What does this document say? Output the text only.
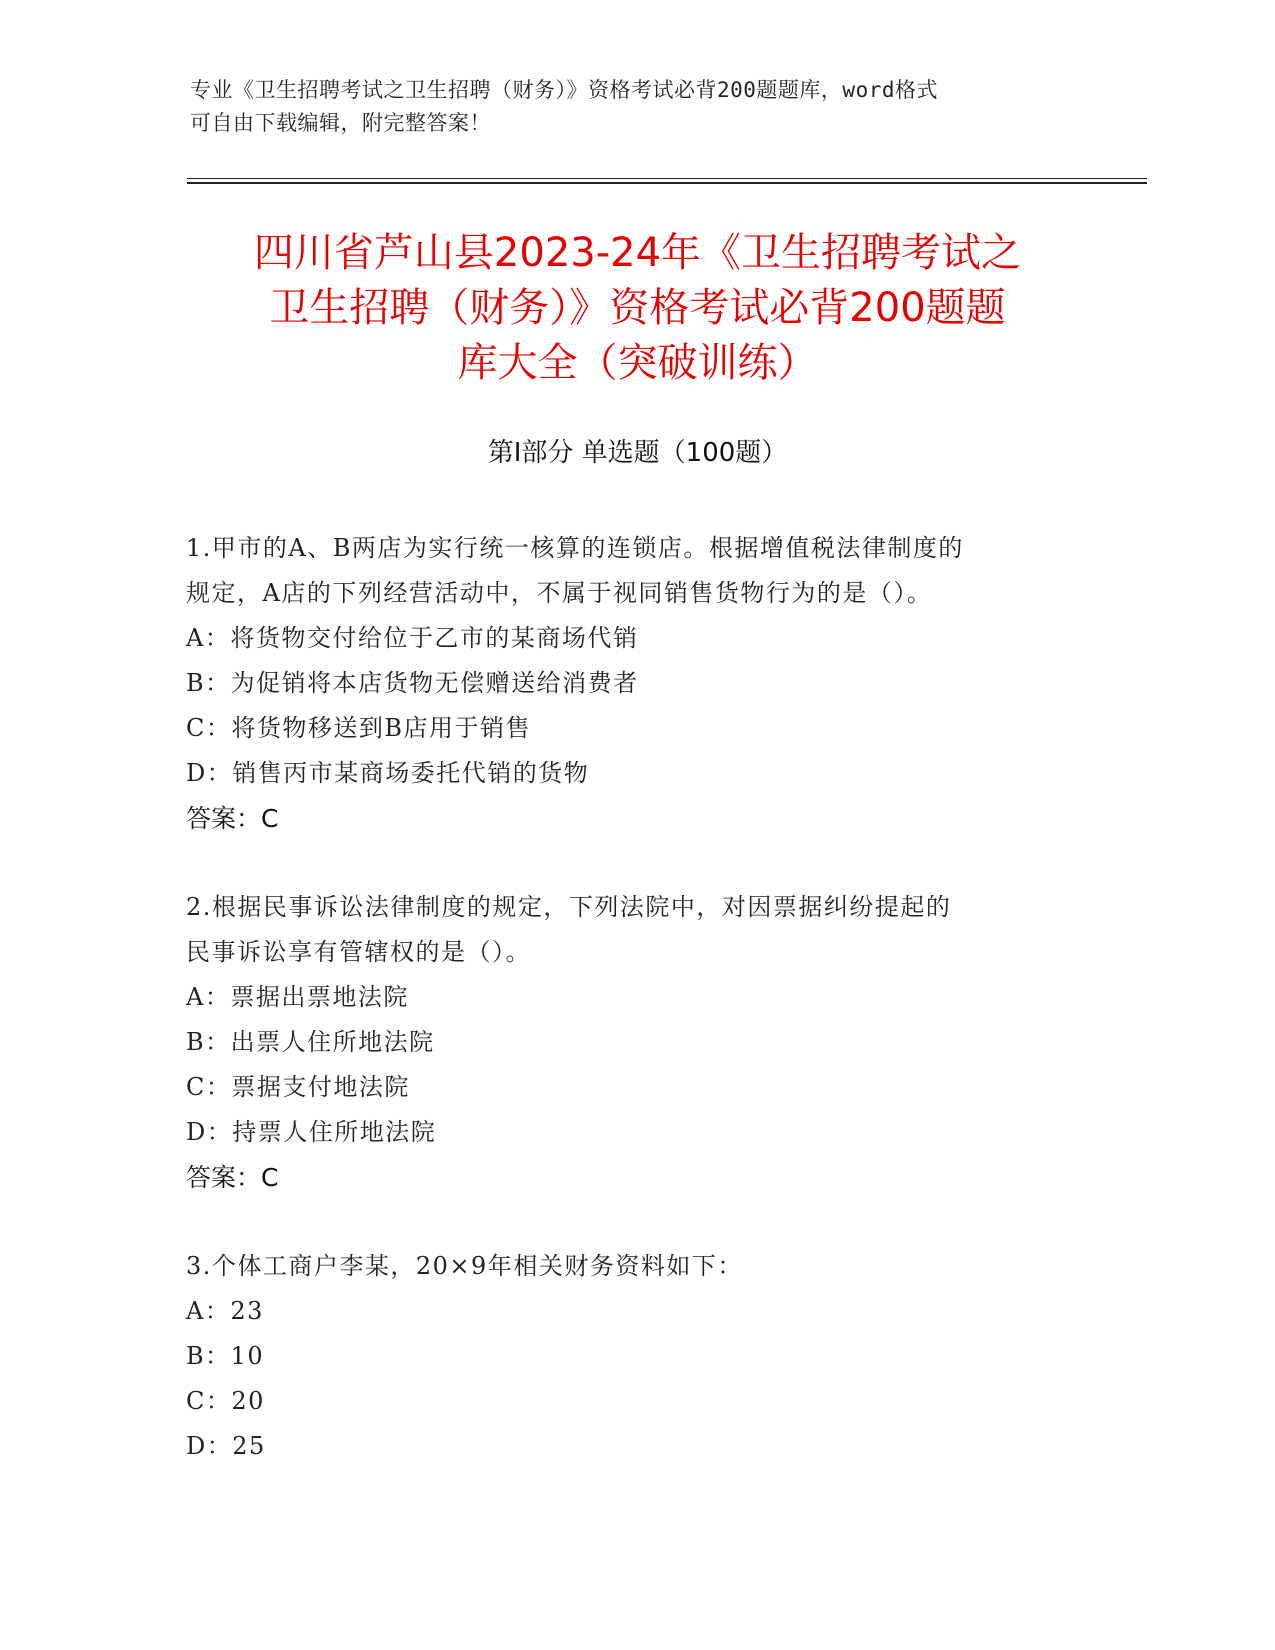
专业《卫生招聘考试之卫生招聘（财务）》资格考试必背200题题库，word格式
可自由下载编辑，附完整答案！
四川省芦山县2023-24年《卫生招聘考试之
卫生招聘（财务）》资格考试必背200题题
库大全（突破训练）
第Ⅰ部分 单选题（100题）
1.甲市的A、B两店为实行统一核算的连锁店。根据增值税法律制度的
规定，A店的下列经营活动中，不属于视同销售货物行为的是（）。
A：将货物交付给位于乙市的某商场代销
B：为促销将本店货物无偿赠送给消费者
C：将货物移送到B店用于销售
D：销售丙市某商场委托代销的货物
答案：C
2.根据民事诉讼法律制度的规定，下列法院中，对因票据纠纷提起的
民事诉讼享有管辖权的是（）。
A：票据出票地法院
B：出票人住所地法院
C：票据支付地法院
D：持票人住所地法院
答案：C
3.个体工商户李某，20×9年相关财务资料如下：
A：23
B：10
C：20
D：25
